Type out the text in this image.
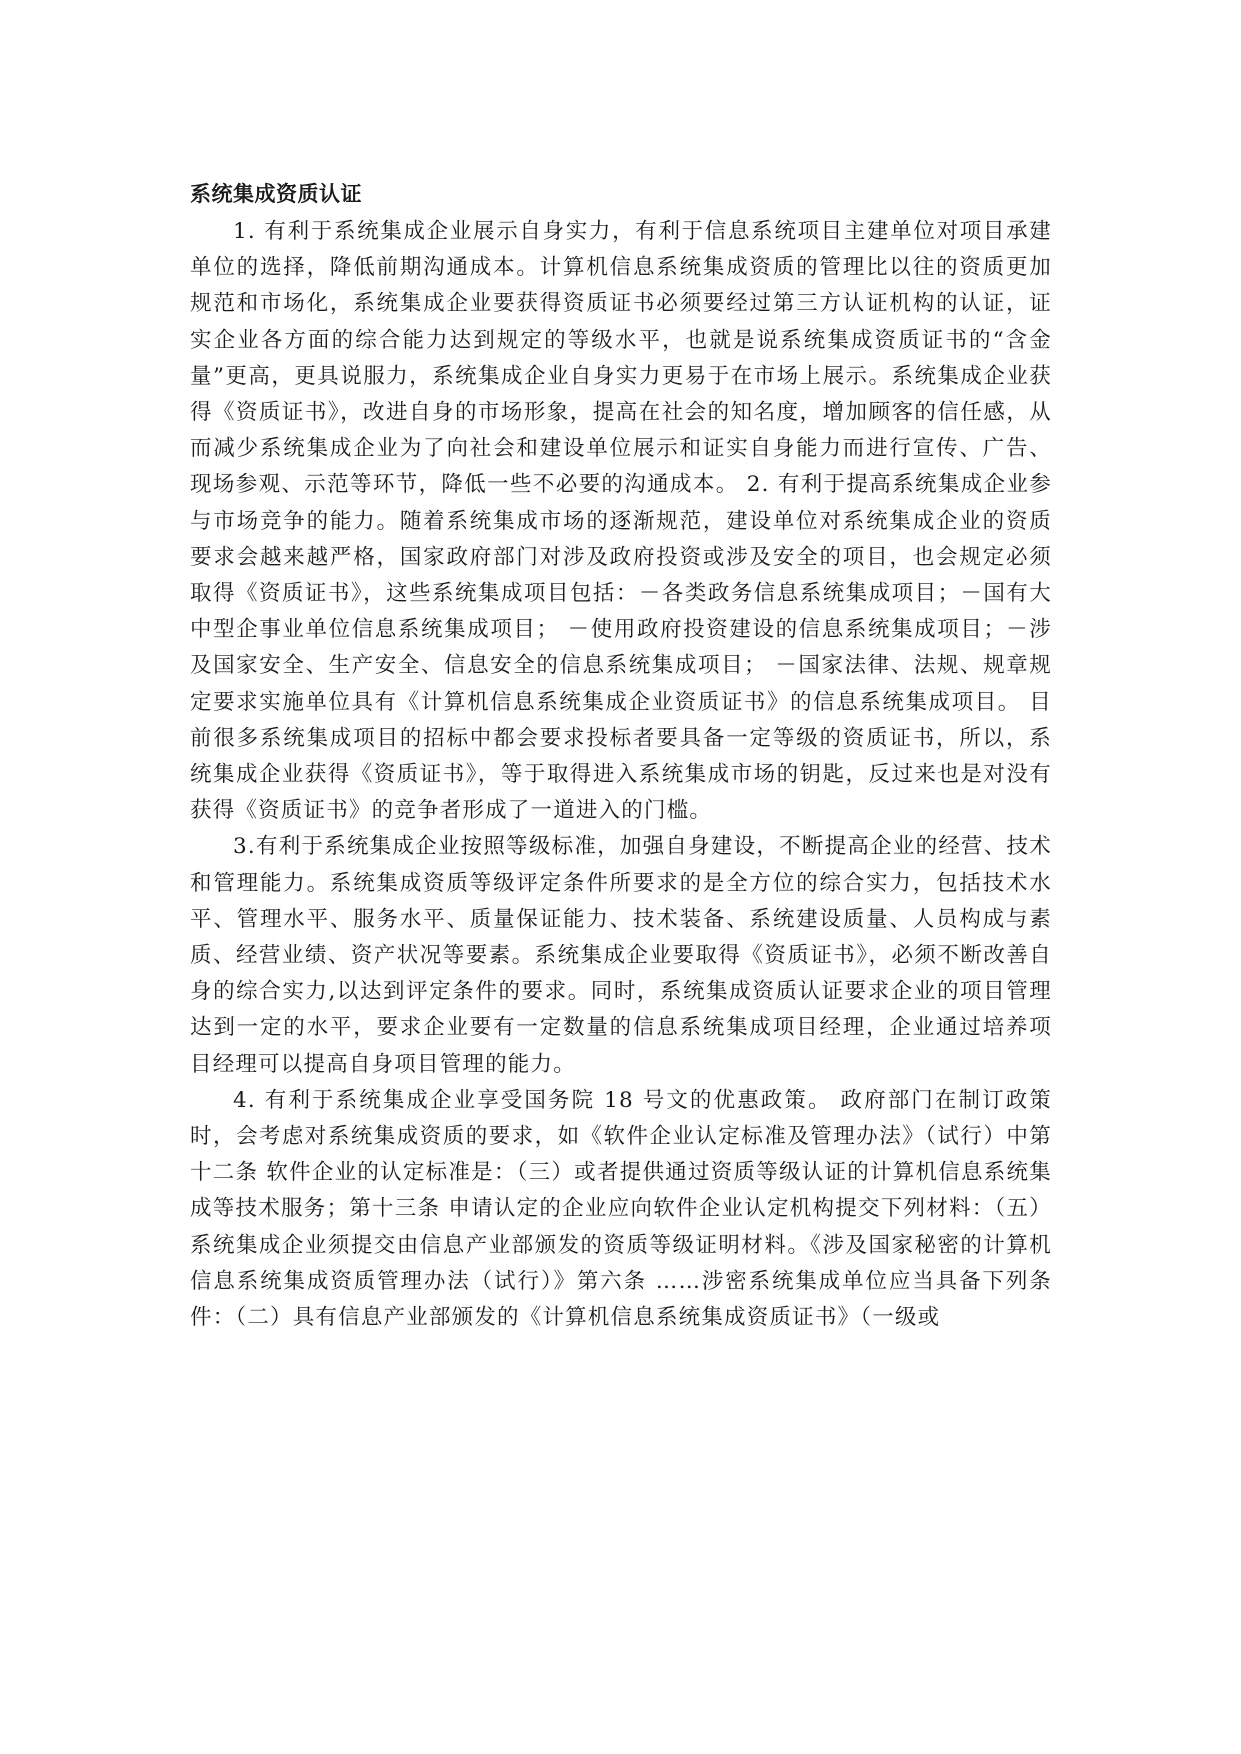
系统集成资质认证

1. 有利于系统集成企业展示自身实力，有利于信息系统项目主建单位对项目承建单位的选择，降低前期沟通成本。计算机信息系统集成资质的管理比以往的资质更加规范和市场化，系统集成企业要获得资质证书必须要经过第三方认证机构的认证，证实企业各方面的综合能力达到规定的等级水平，也就是说系统集成资质证书的“含金量”更高，更具说服力，系统集成企业自身实力更易于在市场上展示。系统集成企业获得《资质证书》，改进自身的市场形象，提高在社会的知名度，增加顾客的信任感，从而减少系统集成企业为了向社会和建设单位展示和证实自身能力而进行宣传、广告、现场参观、示范等环节，降低一些不必要的沟通成本。 2. 有利于提高系统集成企业参与市场竞争的能力。随着系统集成市场的逐渐规范，建设单位对系统集成企业的资质要求会越来越严格，国家政府部门对涉及政府投资或涉及安全的项目，也会规定必须取得《资质证书》，这些系统集成项目包括：－各类政务信息系统集成项目；－国有大中型企事业单位信息系统集成项目； －使用政府投资建设的信息系统集成项目；－涉及国家安全、生产安全、信息安全的信息系统集成项目； －国家法律、法规、规章规定要求实施单位具有《计算机信息系统集成企业资质证书》的信息系统集成项目。 目前很多系统集成项目的招标中都会要求投标者要具备一定等级的资质证书，所以，系统集成企业获得《资质证书》，等于取得进入系统集成市场的钥匙，反过来也是对没有获得《资质证书》的竞争者形成了一道进入的门槛。

3.有利于系统集成企业按照等级标准，加强自身建设，不断提高企业的经营、技术和管理能力。系统集成资质等级评定条件所要求的是全方位的综合实力，包括技术水平、管理水平、服务水平、质量保证能力、技术装备、系统建设质量、人员构成与素质、经营业绩、资产状况等要素。系统集成企业要取得《资质证书》，必须不断改善自身的综合实力,以达到评定条件的要求。同时，系统集成资质认证要求企业的项目管理达到一定的水平，要求企业要有一定数量的信息系统集成项目经理，企业通过培养项目经理可以提高自身项目管理的能力。

4. 有利于系统集成企业享受国务院 18 号文的优惠政策。 政府部门在制订政策时，会考虑对系统集成资质的要求，如《软件企业认定标准及管理办法》（试行）中第十二条 软件企业的认定标准是：（三）或者提供通过资质等级认证的计算机信息系统集成等技术服务；第十三条 申请认定的企业应向软件企业认定机构提交下列材料：（五）系统集成企业须提交由信息产业部颁发的资质等级证明材料。《涉及国家秘密的计算机信息系统集成资质管理办法（试行）》第六条 ……涉密系统集成单位应当具备下列条件：（二）具有信息产业部颁发的《计算机信息系统集成资质证书》（一级或
